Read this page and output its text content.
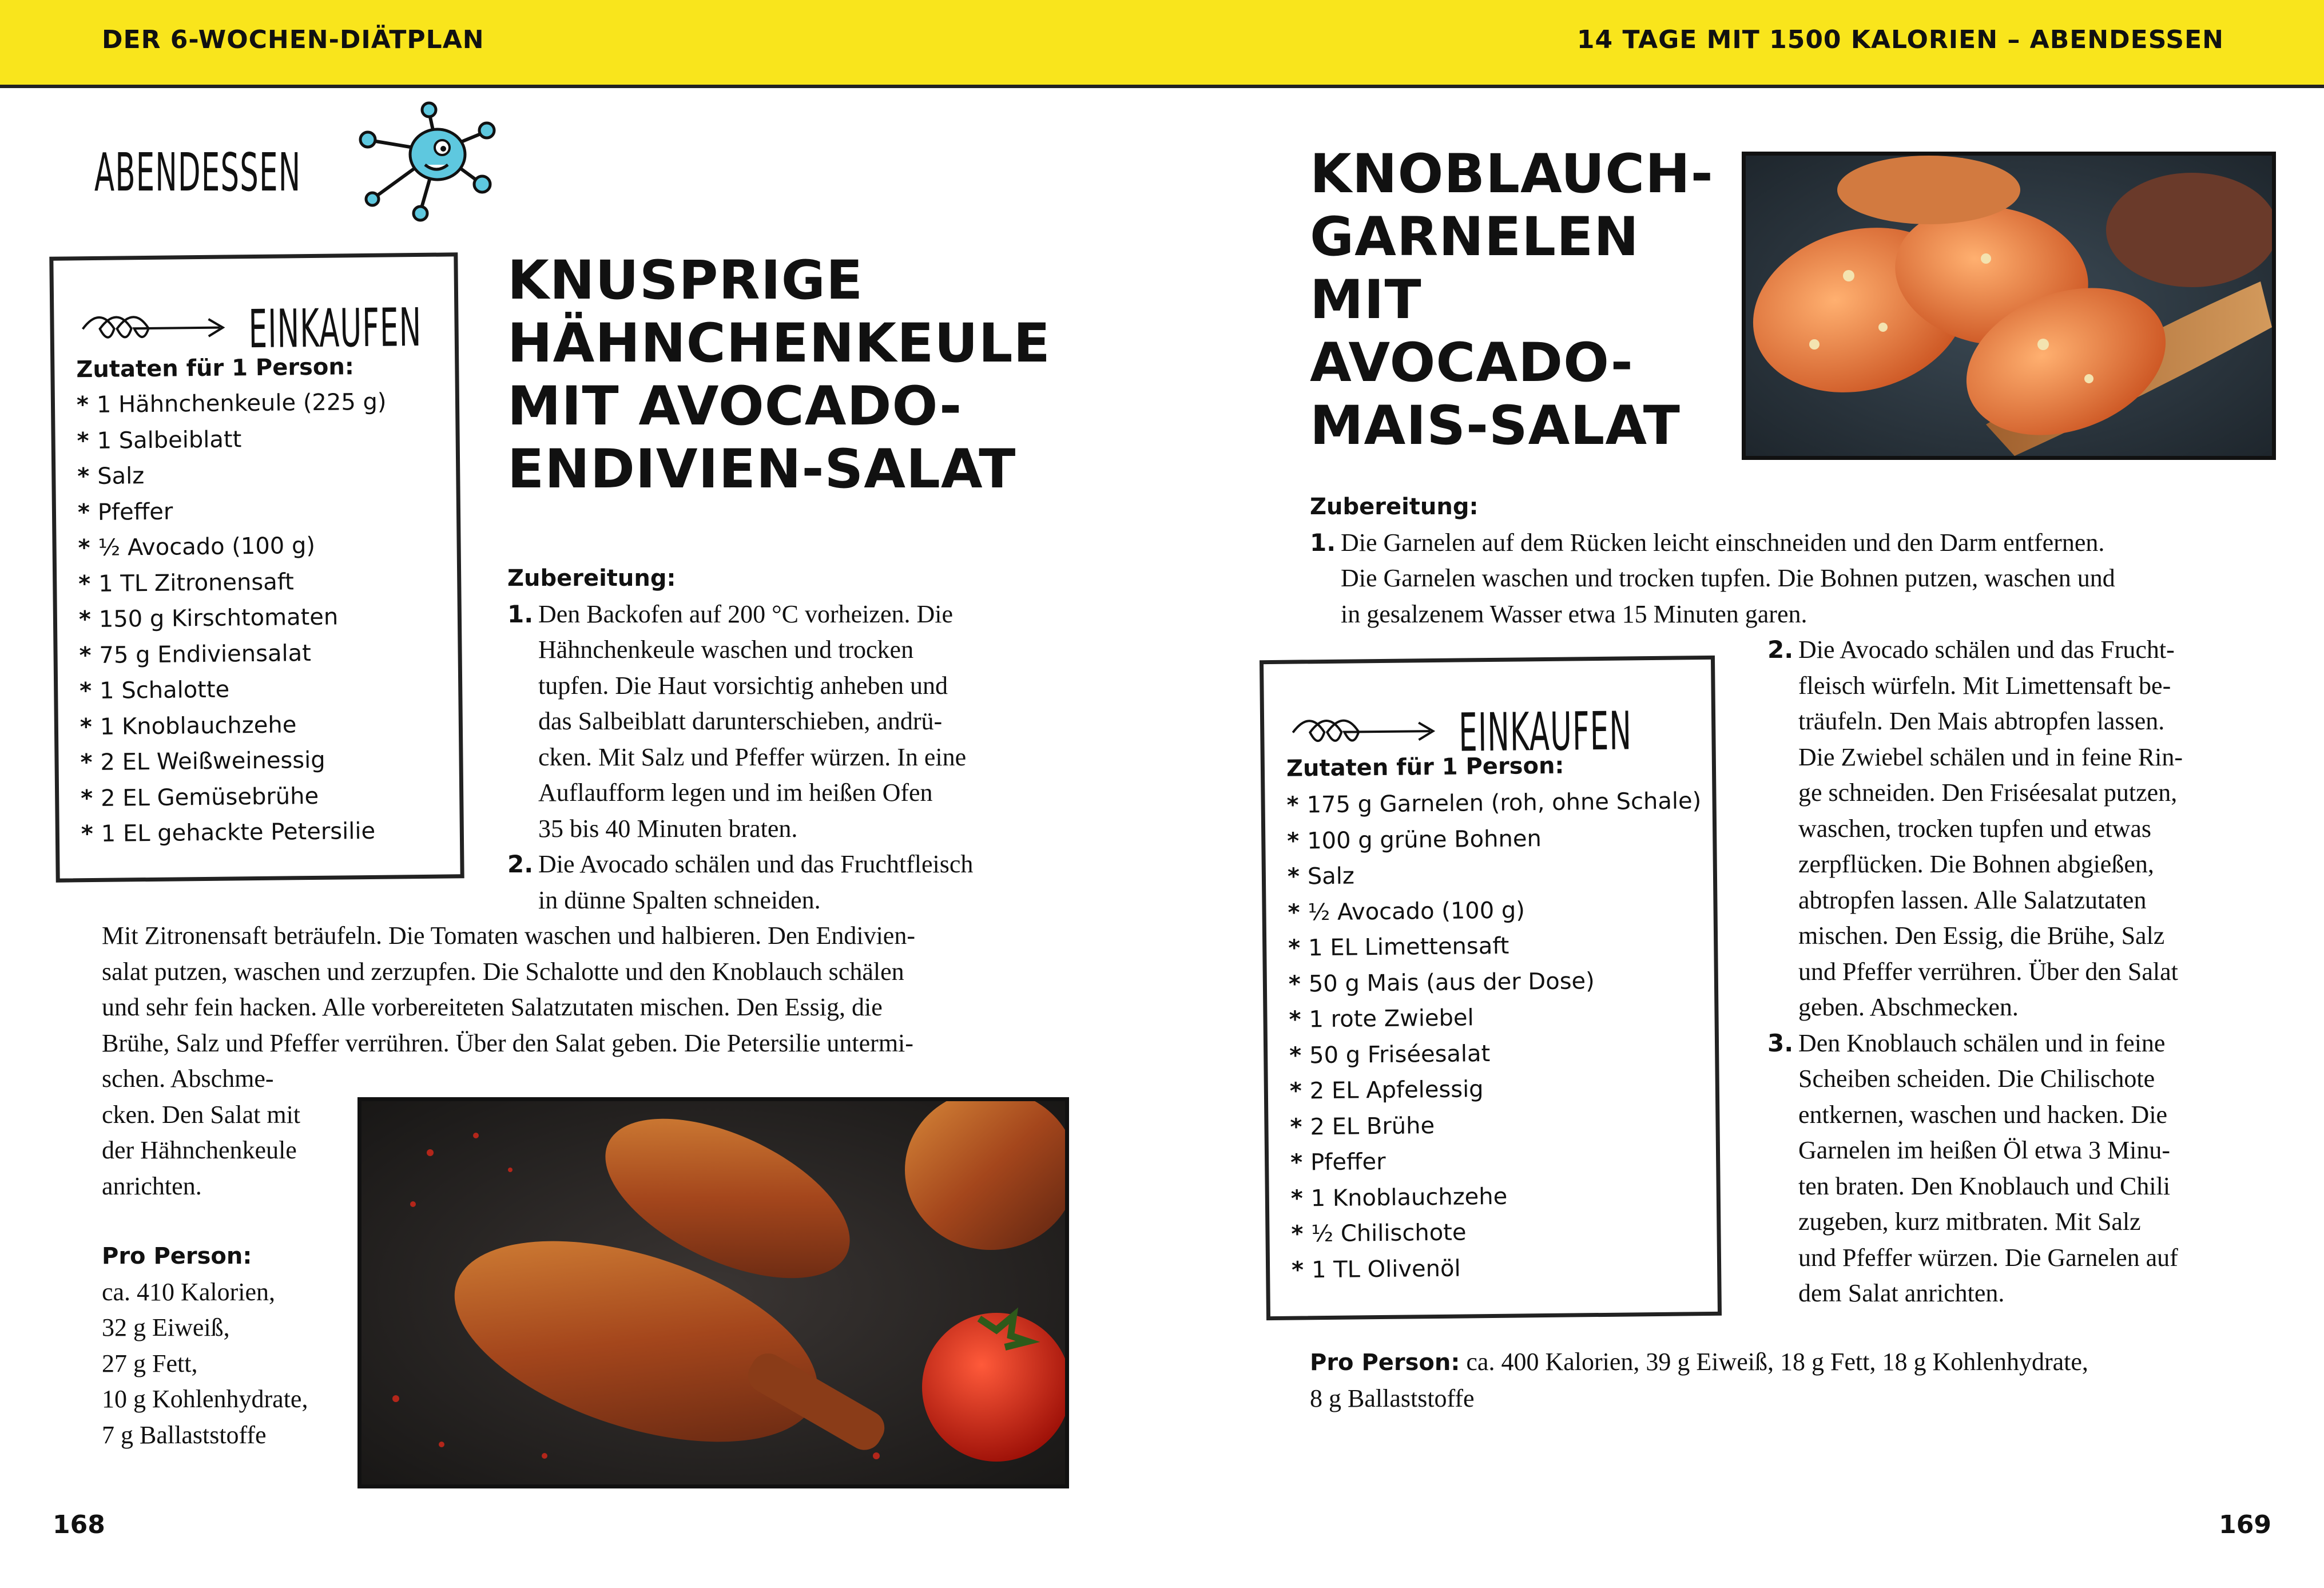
DER 6-WOCHEN-DIÄTPLAN	14 TAGE MIT 1500 KALORIEN – ABENDESSEN
ABENDESSEN
EINKAUFEN
Zutaten für 1 Person:
* 1 Hähnchenkeule (225 g)
* 1 Salbeiblatt
* Salz
* Pfeffer
* ½ Avocado (100 g)
* 1 TL Zitronensaft
* 150 g Kirschtomaten
* 75 g Endiviensalat
* 1 Schalotte
* 1 Knoblauchzehe
* 2 EL Weißweinessig
* 2 EL Gemüsebrühe
* 1 EL gehackte Petersilie
KNUSPRIGE
HÄHNCHENKEULE
MIT AVOCADO-
ENDIVIEN-SALAT
Zubereitung:
1. Den Backofen auf 200 °C vorheizen. Die
Hähnchenkeule waschen und trocken
tupfen. Die Haut vorsichtig anheben und
das Salbeiblatt darunterschieben, andrü-
cken. Mit Salz und Pfeffer würzen. In eine
Auflaufform legen und im heißen Ofen
35 bis 40 Minuten braten.
2. Die Avocado schälen und das Fruchtfleisch
in dünne Spalten schneiden.
Mit Zitronensaft beträufeln. Die Tomaten waschen und halbieren. Den Endivien-
salat putzen, waschen und zerzupfen. Die Schalotte und den Knoblauch schälen
und sehr fein hacken. Alle vorbereiteten Salatzutaten mischen. Den Essig, die
Brühe, Salz und Pfeffer verrühren. Über den Salat geben. Die Petersilie untermi-
schen. Abschme-
cken. Den Salat mit
der Hähnchenkeule
anrichten.
Pro Person:
ca. 410 Kalorien,
32 g Eiweiß,
27 g Fett,
10 g Kohlenhydrate,
7 g Ballaststoffe
168
KNOBLAUCH-
GARNELEN
MIT
AVOCADO-
MAIS-SALAT
Zubereitung:
1. Die Garnelen auf dem Rücken leicht einschneiden und den Darm entfernen.
Die Garnelen waschen und trocken tupfen. Die Bohnen putzen, waschen und
in gesalzenem Wasser etwa 15 Minuten garen.
2. Die Avocado schälen und das Frucht-
fleisch würfeln. Mit Limettensaft be-
träufeln. Den Mais abtropfen lassen.
Die Zwiebel schälen und in feine Rin-
ge schneiden. Den Friséesalat putzen,
waschen, trocken tupfen und etwas
zerpflücken. Die Bohnen abgießen,
abtropfen lassen. Alle Salatzutaten
mischen. Den Essig, die Brühe, Salz
und Pfeffer verrühren. Über den Salat
geben. Abschmecken.
3. Den Knoblauch schälen und in feine
Scheiben scheiden. Die Chilischote
entkernen, waschen und hacken. Die
Garnelen im heißen Öl etwa 3 Minu-
ten braten. Den Knoblauch und Chili
zugeben, kurz mitbraten. Mit Salz
und Pfeffer würzen. Die Garnelen auf
dem Salat anrichten.
EINKAUFEN
Zutaten für 1 Person:
* 175 g Garnelen (roh, ohne Schale)
* 100 g grüne Bohnen
* Salz
* ½ Avocado (100 g)
* 1 EL Limettensaft
* 50 g Mais (aus der Dose)
* 1 rote Zwiebel
* 50 g Friséesalat
* 2 EL Apfelessig
* 2 EL Brühe
* Pfeffer
* 1 Knoblauchzehe
* ½ Chilischote
* 1 TL Olivenöl
Pro Person: ca. 400 Kalorien, 39 g Eiweiß, 18 g Fett, 18 g Kohlenhydrate,
8 g Ballaststoffe
169
